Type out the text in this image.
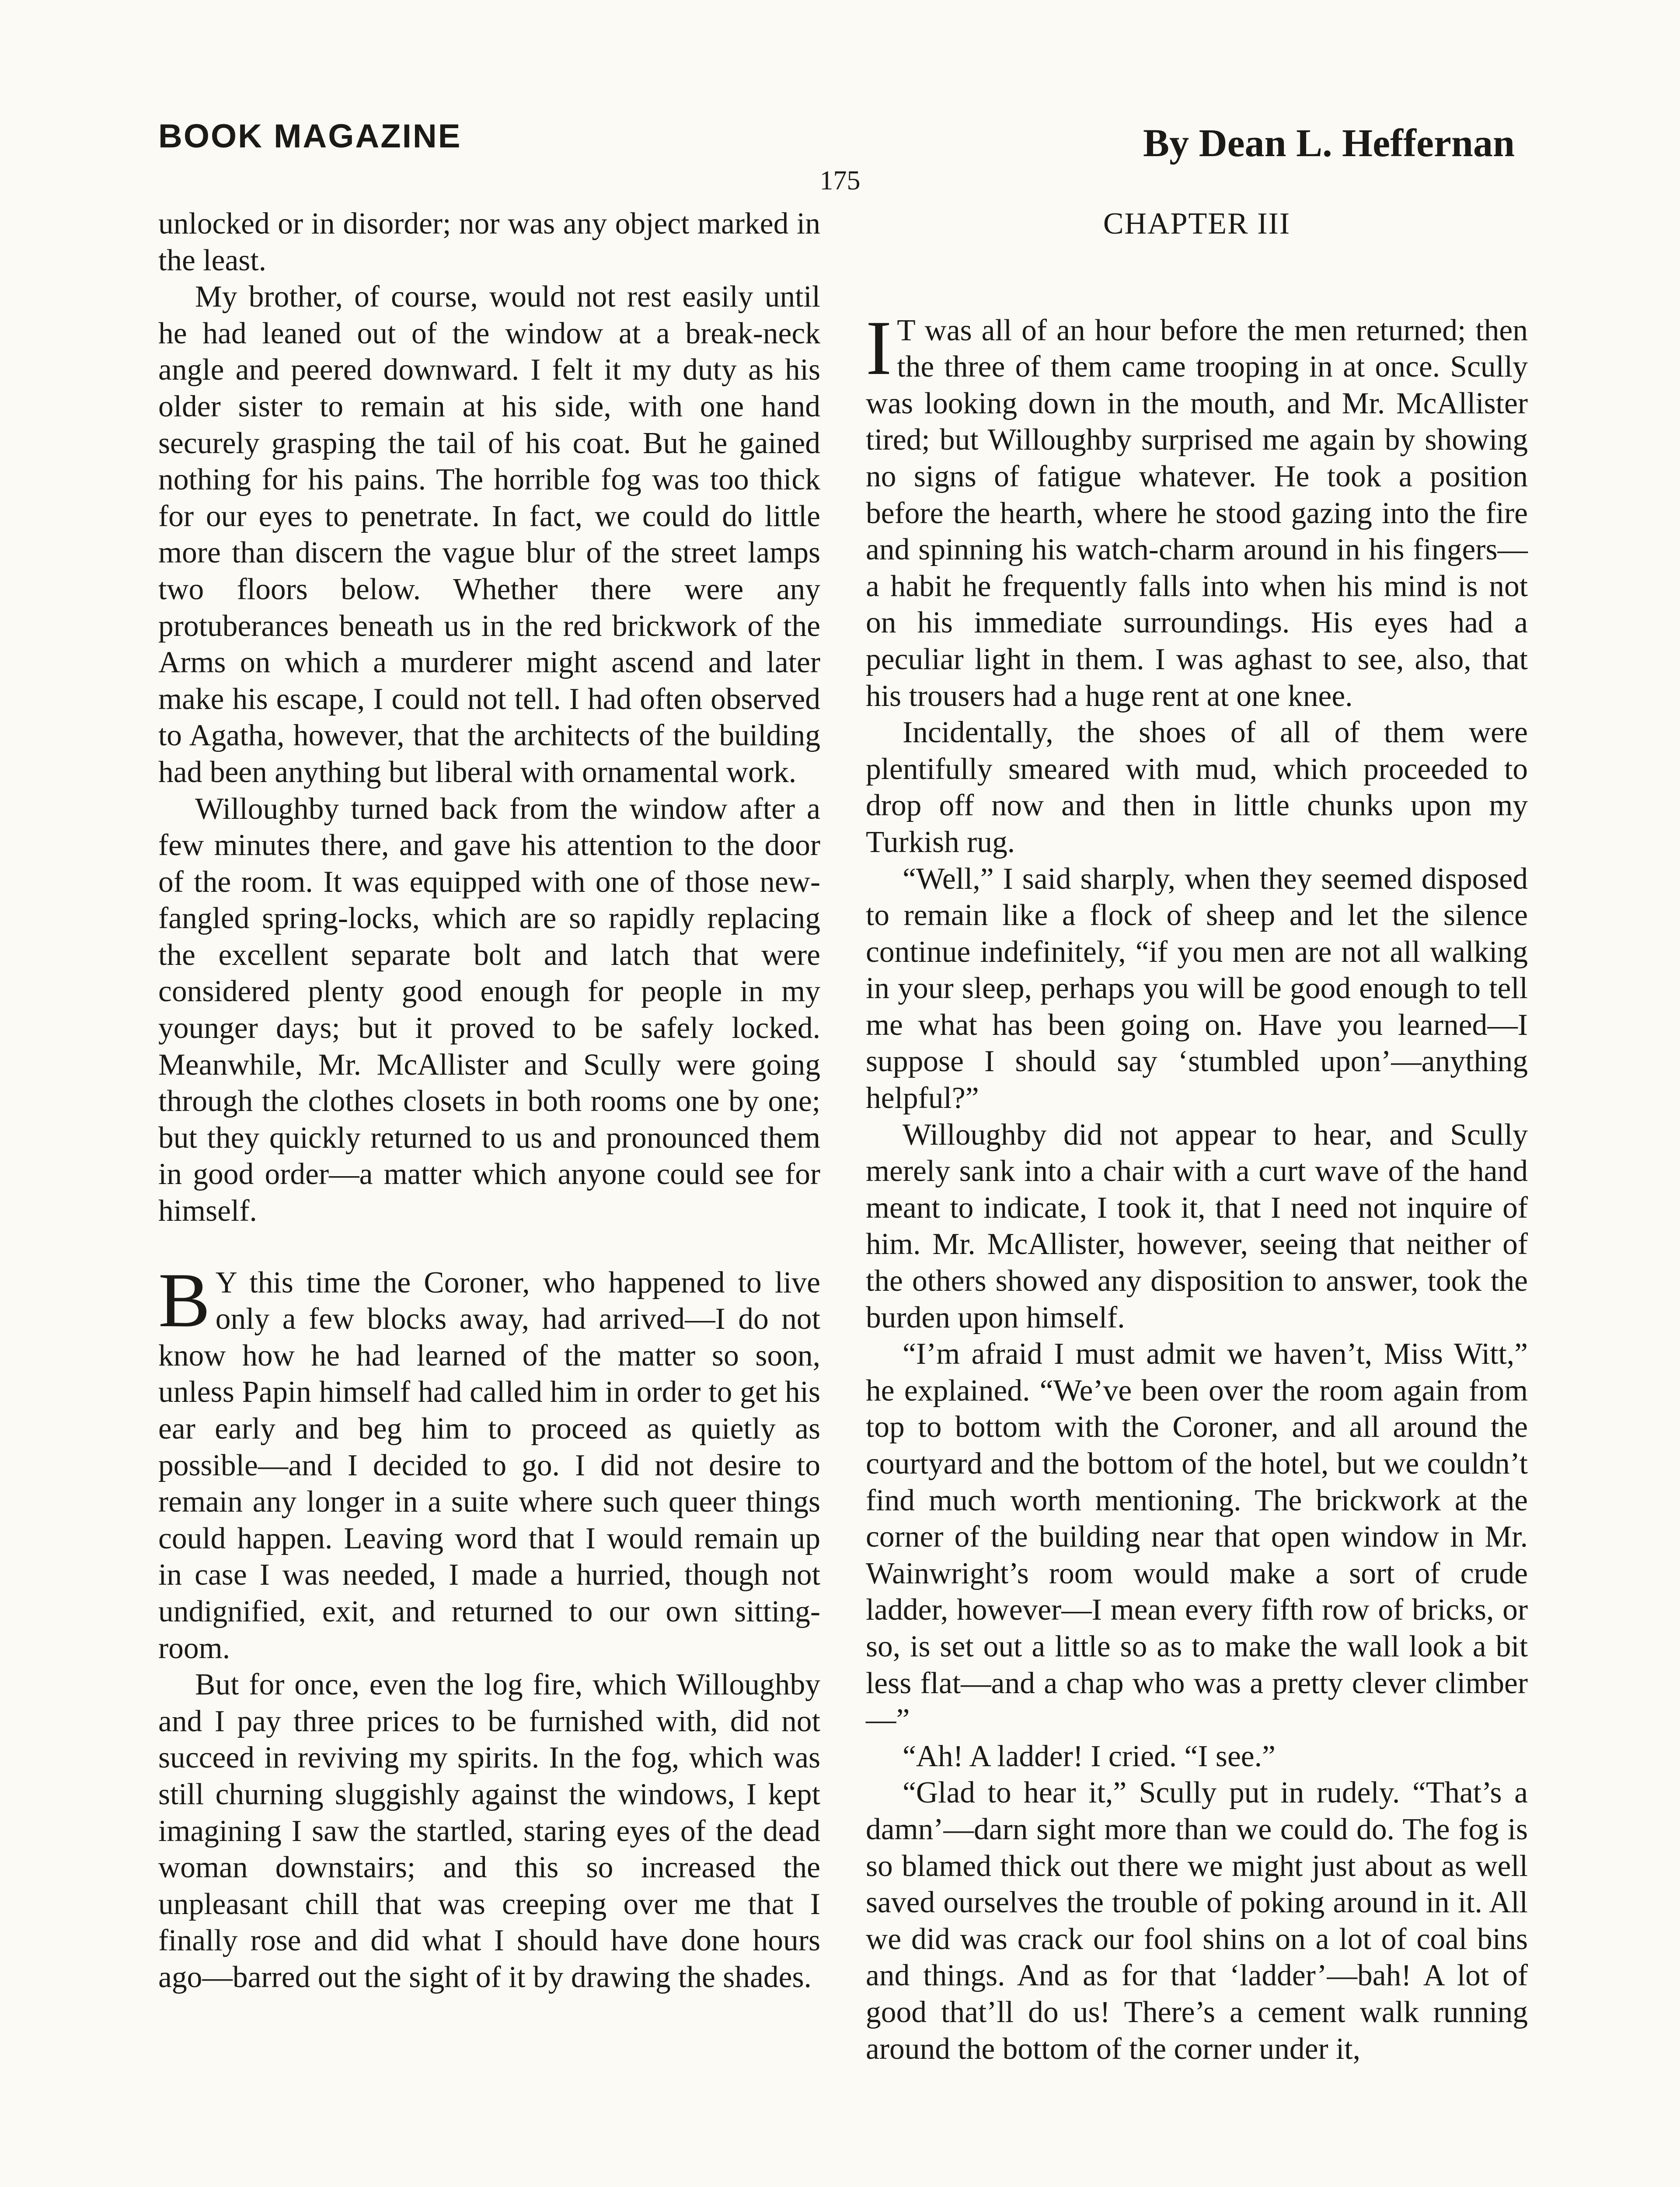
BOOK MAGAZINE	By Dean L. Heffernan
175

unlocked or in disorder; nor was any object marked in the least.

My brother, of course, would not rest easily until he had leaned out of the window at a break-neck angle and peered downward. I felt it my duty as his older sister to remain at his side, with one hand securely grasping the tail of his coat. But he gained nothing for his pains. The horrible fog was too thick for our eyes to penetrate. In fact, we could do little more than discern the vague blur of the street lamps two floors below. Whether there were any protuberances beneath us in the red brickwork of the Arms on which a murderer might ascend and later make his escape, I could not tell. I had often observed to Agatha, however, that the architects of the building had been anything but liberal with ornamental work.

Willoughby turned back from the window after a few minutes there, and gave his attention to the door of the room. It was equipped with one of those new-fangled spring-locks, which are so rapidly replacing the excellent separate bolt and latch that were considered plenty good enough for people in my younger days; but it proved to be safely locked. Meanwhile, Mr. McAllister and Scully were going through the clothes closets in both rooms one by one; but they quickly returned to us and pronounced them in good order—a matter which anyone could see for himself.

B Y this time the Coroner, who happened to live only a few blocks away, had arrived—I do not know how he had learned of the matter so soon, unless Papin himself had called him in order to get his ear early and beg him to proceed as quietly as possible—and I decided to go. I did not desire to remain any longer in a suite where such queer things could happen. Leaving word that I would remain up in case I was needed, I made a hurried, though not undignified, exit, and returned to our own sitting-room.

But for once, even the log fire, which Willoughby and I pay three prices to be furnished with, did not succeed in reviving my spirits. In the fog, which was still churning sluggishly against the windows, I kept imagining I saw the startled, staring eyes of the dead woman downstairs; and this so increased the unpleasant chill that was creeping over me that I finally rose and did what I should have done hours ago—barred out the sight of it by drawing the shades.

CHAPTER III

I T was all of an hour before the men returned; then the three of them came trooping in at once. Scully was looking down in the mouth, and Mr. McAllister tired; but Willoughby surprised me again by showing no signs of fatigue whatever. He took a position before the hearth, where he stood gazing into the fire and spinning his watch-charm around in his fingers—a habit he frequently falls into when his mind is not on his immediate surroundings. His eyes had a peculiar light in them. I was aghast to see, also, that his trousers had a huge rent at one knee.

Incidentally, the shoes of all of them were plentifully smeared with mud, which proceeded to drop off now and then in little chunks upon my Turkish rug.

“Well,” I said sharply, when they seemed disposed to remain like a flock of sheep and let the silence continue indefinitely, “if you men are not all walking in your sleep, perhaps you will be good enough to tell me what has been going on. Have you learned—I suppose I should say ‘stumbled upon’—anything helpful?”

Willoughby did not appear to hear, and Scully merely sank into a chair with a curt wave of the hand meant to indicate, I took it, that I need not inquire of him. Mr. McAllister, however, seeing that neither of the others showed any disposition to answer, took the burden upon himself.

“I’m afraid I must admit we haven’t, Miss Witt,” he explained. “We’ve been over the room again from top to bottom with the Coroner, and all around the courtyard and the bottom of the hotel, but we couldn’t find much worth mentioning. The brickwork at the corner of the building near that open window in Mr. Wainwright’s room would make a sort of crude ladder, however—I mean every fifth row of bricks, or so, is set out a little so as to make the wall look a bit less flat—and a chap who was a pretty clever climber—”

“Ah! A ladder! I cried. “I see.”

“Glad to hear it,” Scully put in rudely. “That’s a damn’—darn sight more than we could do. The fog is so blamed thick out there we might just about as well saved ourselves the trouble of poking around in it. All we did was crack our fool shins on a lot of coal bins and things. And as for that ‘ladder’—bah! A lot of good that’ll do us! There’s a cement walk running around the bottom of the corner under it,
